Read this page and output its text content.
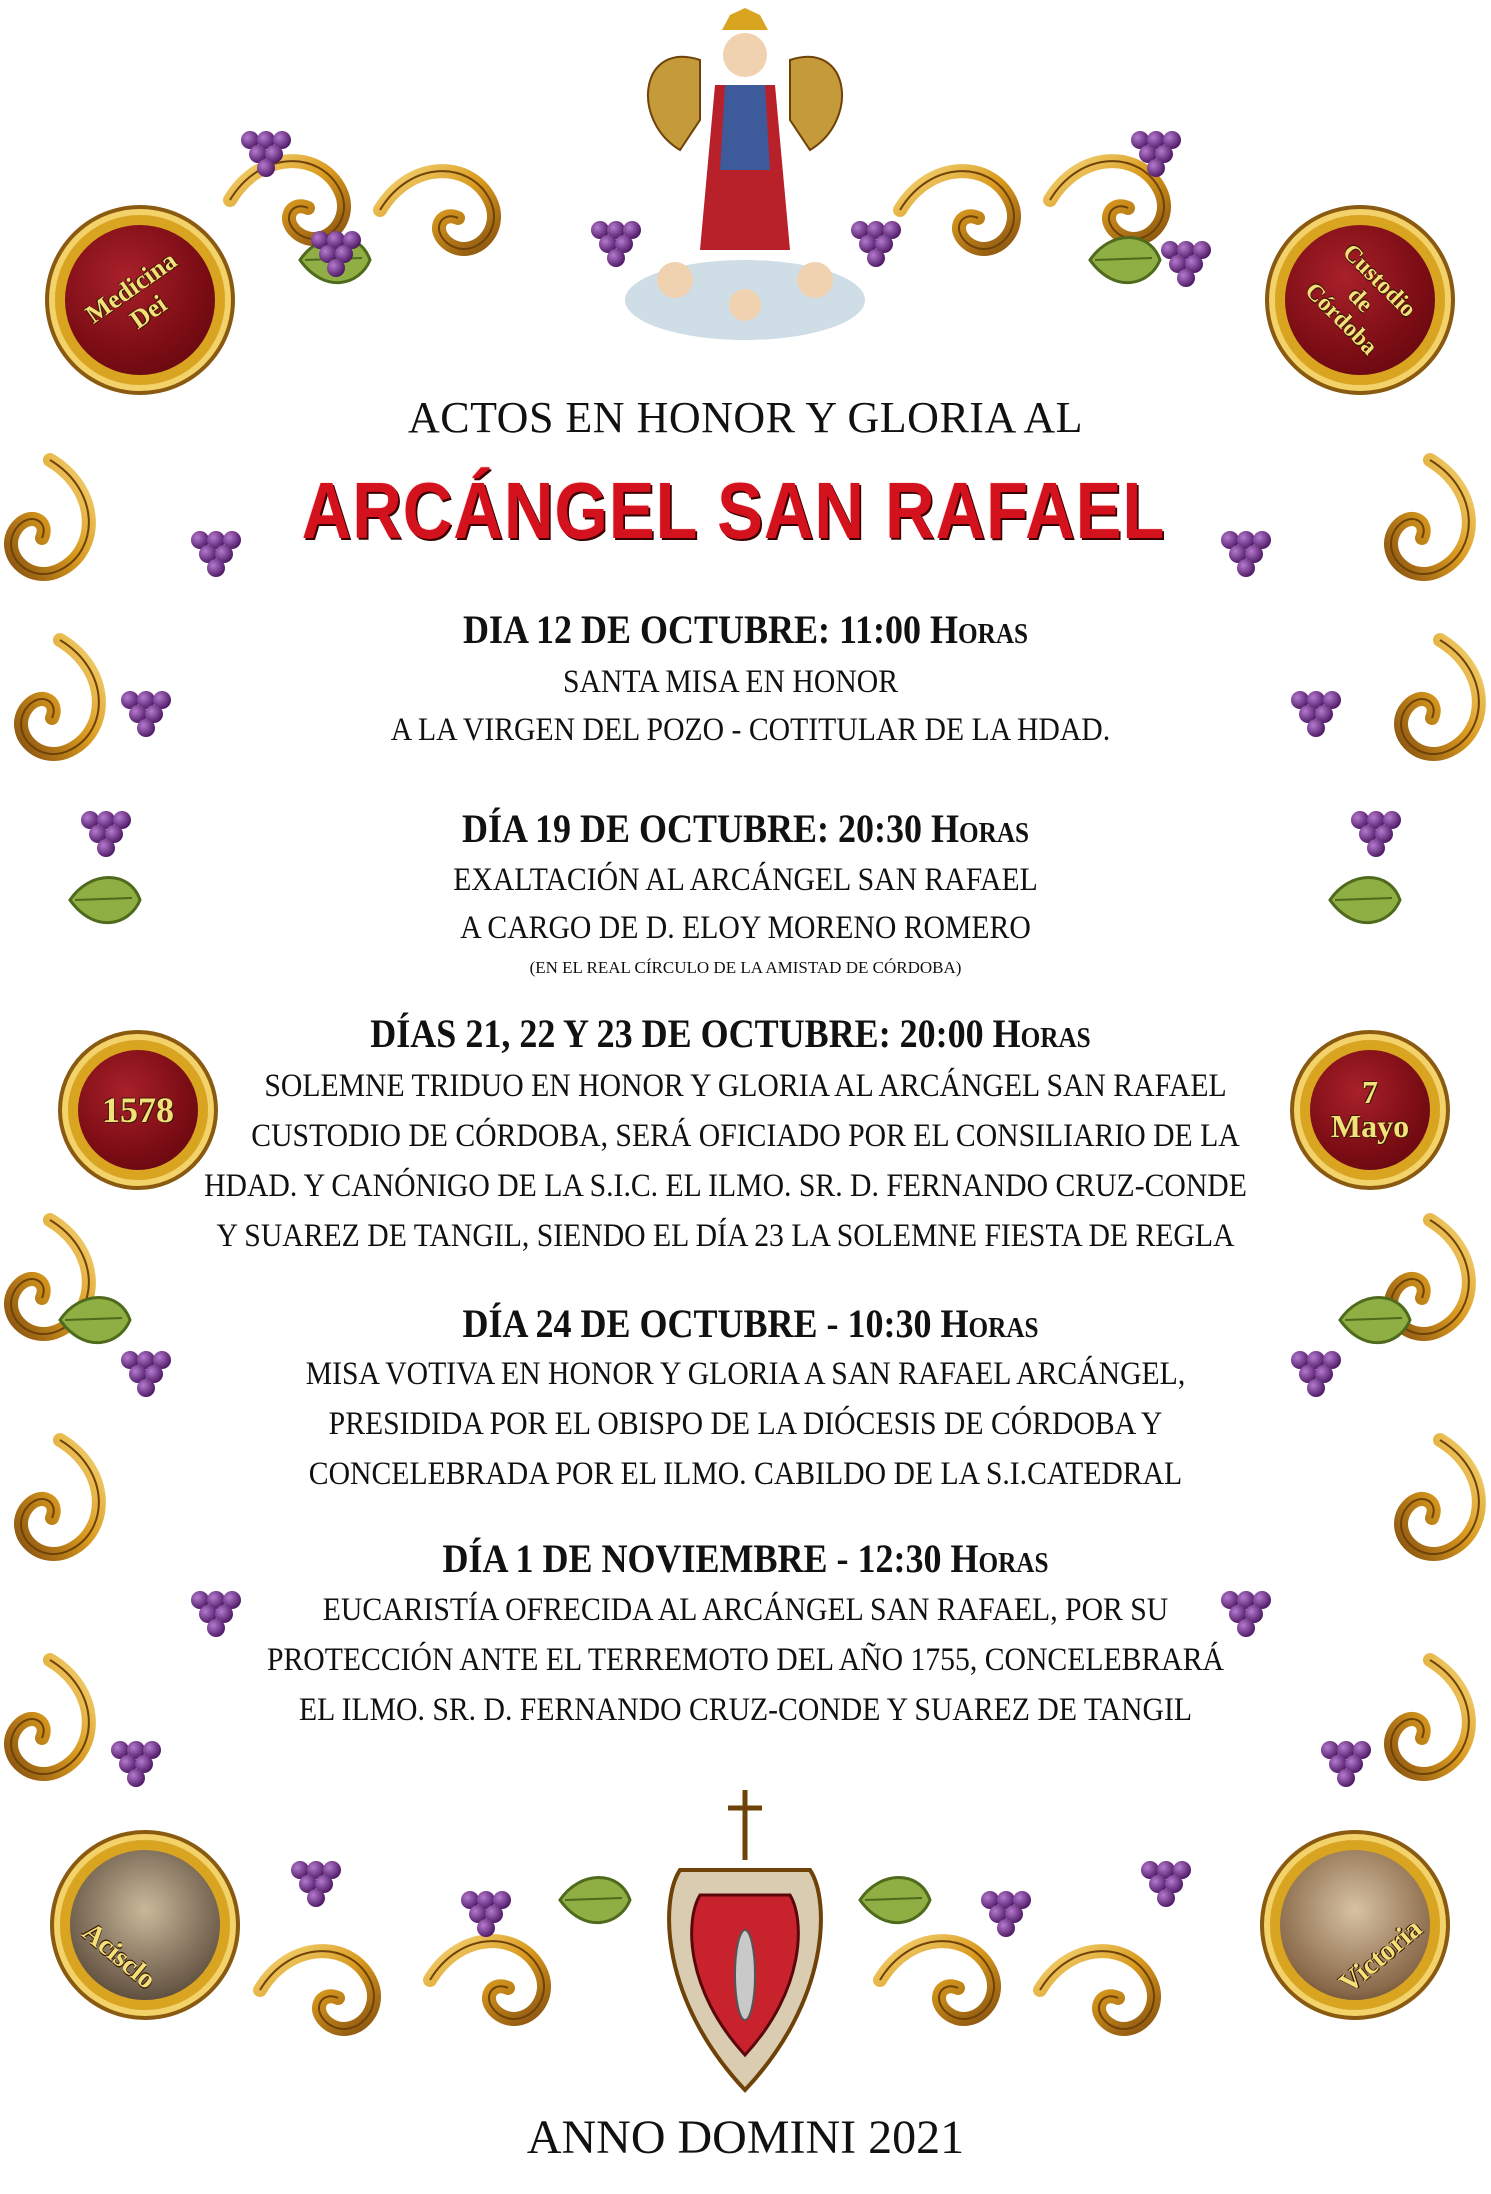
Medicina Dei	Custodio de Córdoba
1578	7
Mayo
Acisclo	Victoria
ACTOS EN HONOR Y GLORIA AL
ARCÁNGEL SAN RAFAEL
DIA 12 DE OCTUBRE: 11:00 Horas
SANTA MISA EN HONOR
A LA VIRGEN DEL POZO - COTITULAR DE LA HDAD.
DÍA 19 DE OCTUBRE: 20:30 Horas
EXALTACIÓN AL ARCÁNGEL SAN RAFAEL
A CARGO DE D. ELOY MORENO ROMERO
(EN EL REAL CÍRCULO DE LA AMISTAD DE CÓRDOBA)
DÍAS 21, 22 Y 23 DE OCTUBRE: 20:00 Horas
SOLEMNE TRIDUO EN HONOR Y GLORIA AL ARCÁNGEL SAN RAFAEL
CUSTODIO DE CÓRDOBA, SERÁ OFICIADO POR EL CONSILIARIO DE LA
HDAD. Y CANÓNIGO DE LA S.I.C. EL ILMO. SR. D. FERNANDO CRUZ-CONDE
Y SUAREZ DE TANGIL, SIENDO EL DÍA 23 LA SOLEMNE FIESTA DE REGLA
DÍA 24 DE OCTUBRE - 10:30 Horas
MISA VOTIVA EN HONOR Y GLORIA A SAN RAFAEL ARCÁNGEL,
PRESIDIDA POR EL OBISPO DE LA DIÓCESIS DE CÓRDOBA Y
CONCELEBRADA POR EL ILMO. CABILDO DE LA S.I.CATEDRAL
DÍA 1 DE NOVIEMBRE - 12:30 Horas
EUCARISTÍA OFRECIDA AL ARCÁNGEL SAN RAFAEL, POR SU
PROTECCIÓN ANTE EL TERREMOTO DEL AÑO 1755, CONCELEBRARÁ
EL ILMO. SR. D. FERNANDO CRUZ-CONDE Y SUAREZ DE TANGIL
ANNO DOMINI 2021
